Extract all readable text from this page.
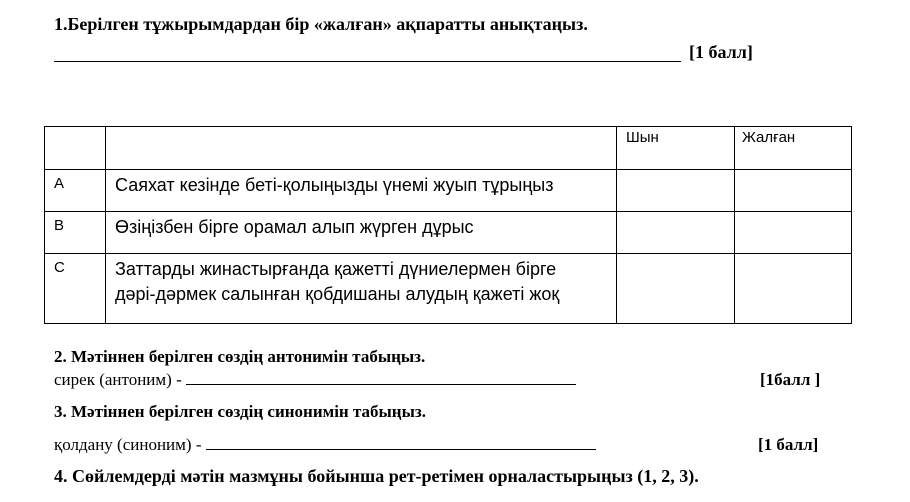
1.Берілген тұжырымдардан бір «жалған» ақпаратты анықтаңыз.
[1 балл]
		Шын	Жалған
A	Саяхат кезінде беті-қолыңызды үнемі жуып тұрыңыз		
B	Өзіңізбен бірге орамал алып жүрген дұрыс		
C	Заттарды жинастырғанда қажетті дүниелермен бірге
дәрі-дәрмек салынған қобдишаны алудың қажеті жоқ		
2. Мәтіннен берілген сөздің антонимін табыңыз.
сирек (антоним) -	[1балл ]
3. Мәтіннен берілген сөздің синонимін табыңыз.
қолдану (синоним) -	[1 балл]
4. Сөйлемдерді мәтін мазмұны бойынша рет-ретімен орналастырыңыз (1, 2, 3).
